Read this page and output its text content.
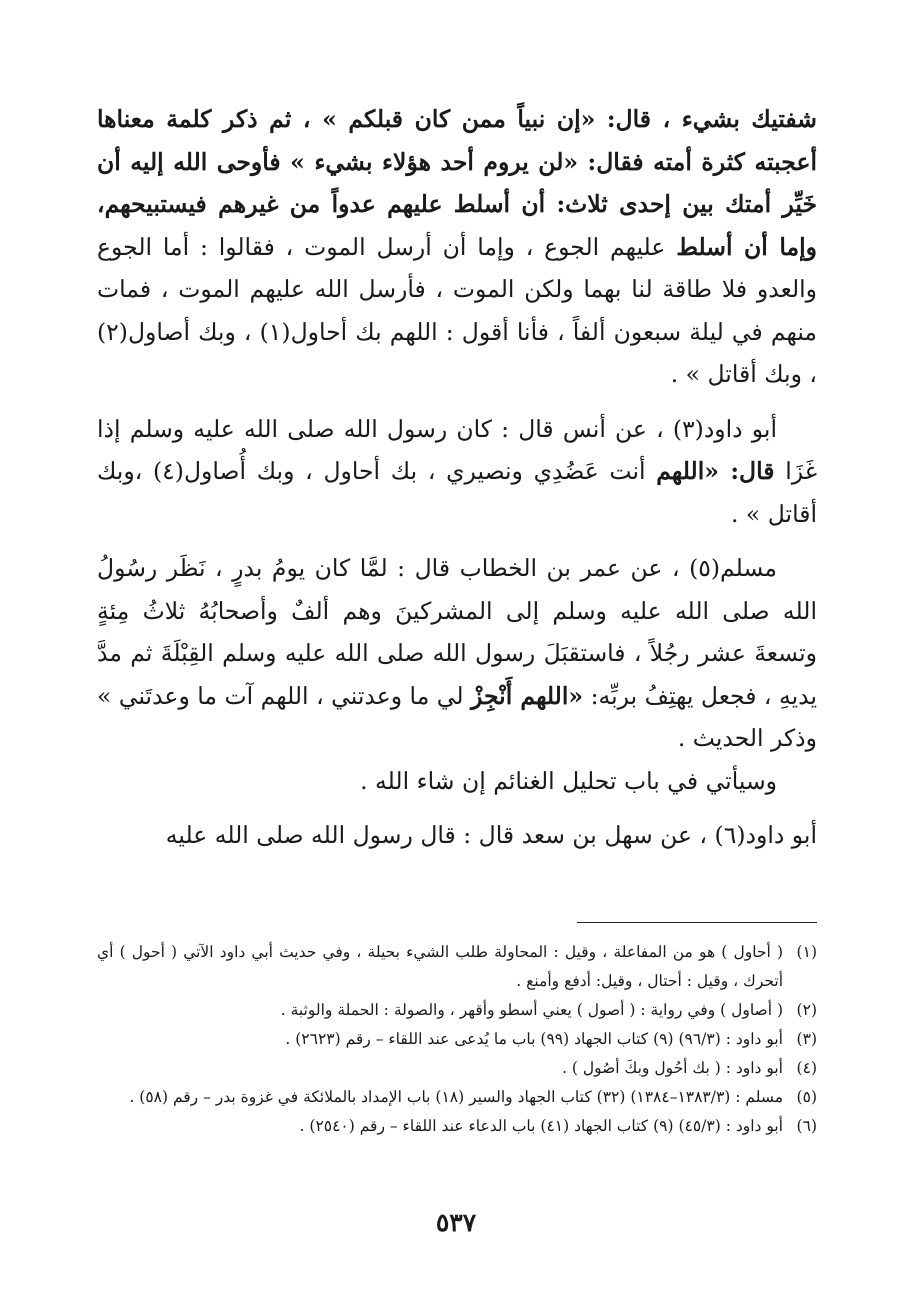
شفتيك بشيء ، قال: «إن نبياً ممن كان قبلكم » ، ثم ذكر كلمة معناها أعجبته كثرة أمته فقال: «لن يروم أحد هؤلاء بشيء » فأوحى الله إليه أن خَيِّر أمتك بين إحدى ثلاث: أن أسلط عليهم عدواً من غيرهم فيستبيحهم، وإما أن أسلط عليهم الجوع ، وإما أن أرسل الموت ، فقالوا : أما الجوع والعدو فلا طاقة لنا بهما ولكن الموت ، فأرسل الله عليهم الموت ، فمات منهم في ليلة سبعون ألفاً ، فأنا أقول : اللهم بك أحاول(١) ، وبك أصاول(٢) ، وبك أقاتل » .

أبو داود(٣) ، عن أنس قال : كان رسول الله صلى الله عليه وسلم إذا غَزَا قال: «اللهم أنت عَضُدِي ونصيري ، بك أحاول ، وبك أُصاول(٤) ،وبك أقاتل » .

مسلم(٥) ، عن عمر بن الخطاب قال : لمَّا كان يومُ بدرٍ ، نَظَر رسُولُ الله صلى الله عليه وسلم إلى المشركينَ وهم ألفٌ وأصحابُهُ ثلاثُ مِئةٍ وتسعةَ عشر رجُلاً ، فاستقبَلَ رسول الله صلى الله عليه وسلم القِبْلَةَ ثم مدَّ يديهِ ، فجعل يهتِفُ بربِّه: «اللهم أَنْجِزْ لي ما وعدتني ، اللهم آت ما وعدتَني » وذكر الحديث .

وسيأتي في باب تحليل الغنائم إن شاء الله .

أبو داود(٦) ، عن سهل بن سعد قال : قال رسول الله صلى الله عليه

(١)
( أحاول ) هو من المفاعلة ، وقيل : المحاولة طلب الشيء بحيلة ، وفي حديث أبي داود الآتي ( أحول ) أي أتحرك ، وقيل : أحتال ، وقيل: أدفع وأمنع .
(٢)
( أصاول ) وفي رواية : ( أصول ) يعني أسطو وأقهر ، والصولة : الحملة والوثبة .
(٣)
أبو داود : (٩٦/٣) (٩) كتاب الجهاد (٩٩) باب ما يُدعى عند اللقاء – رقم (٢٦٢٣) .
(٤)
أبو داود : ( بك أحُول وبكَ أصُول ) .
(٥)
مسلم : (١٣٨٣/٣–١٣٨٤) (٣٢) كتاب الجهاد والسير (١٨) باب الإمداد بالملائكة في غزوة بدر – رقم (٥٨) .
(٦)
أبو داود : (٤٥/٣) (٩) كتاب الجهاد (٤١) باب الدعاء عند اللقاء – رقم (٢٥٤٠) .
٥٣٧
